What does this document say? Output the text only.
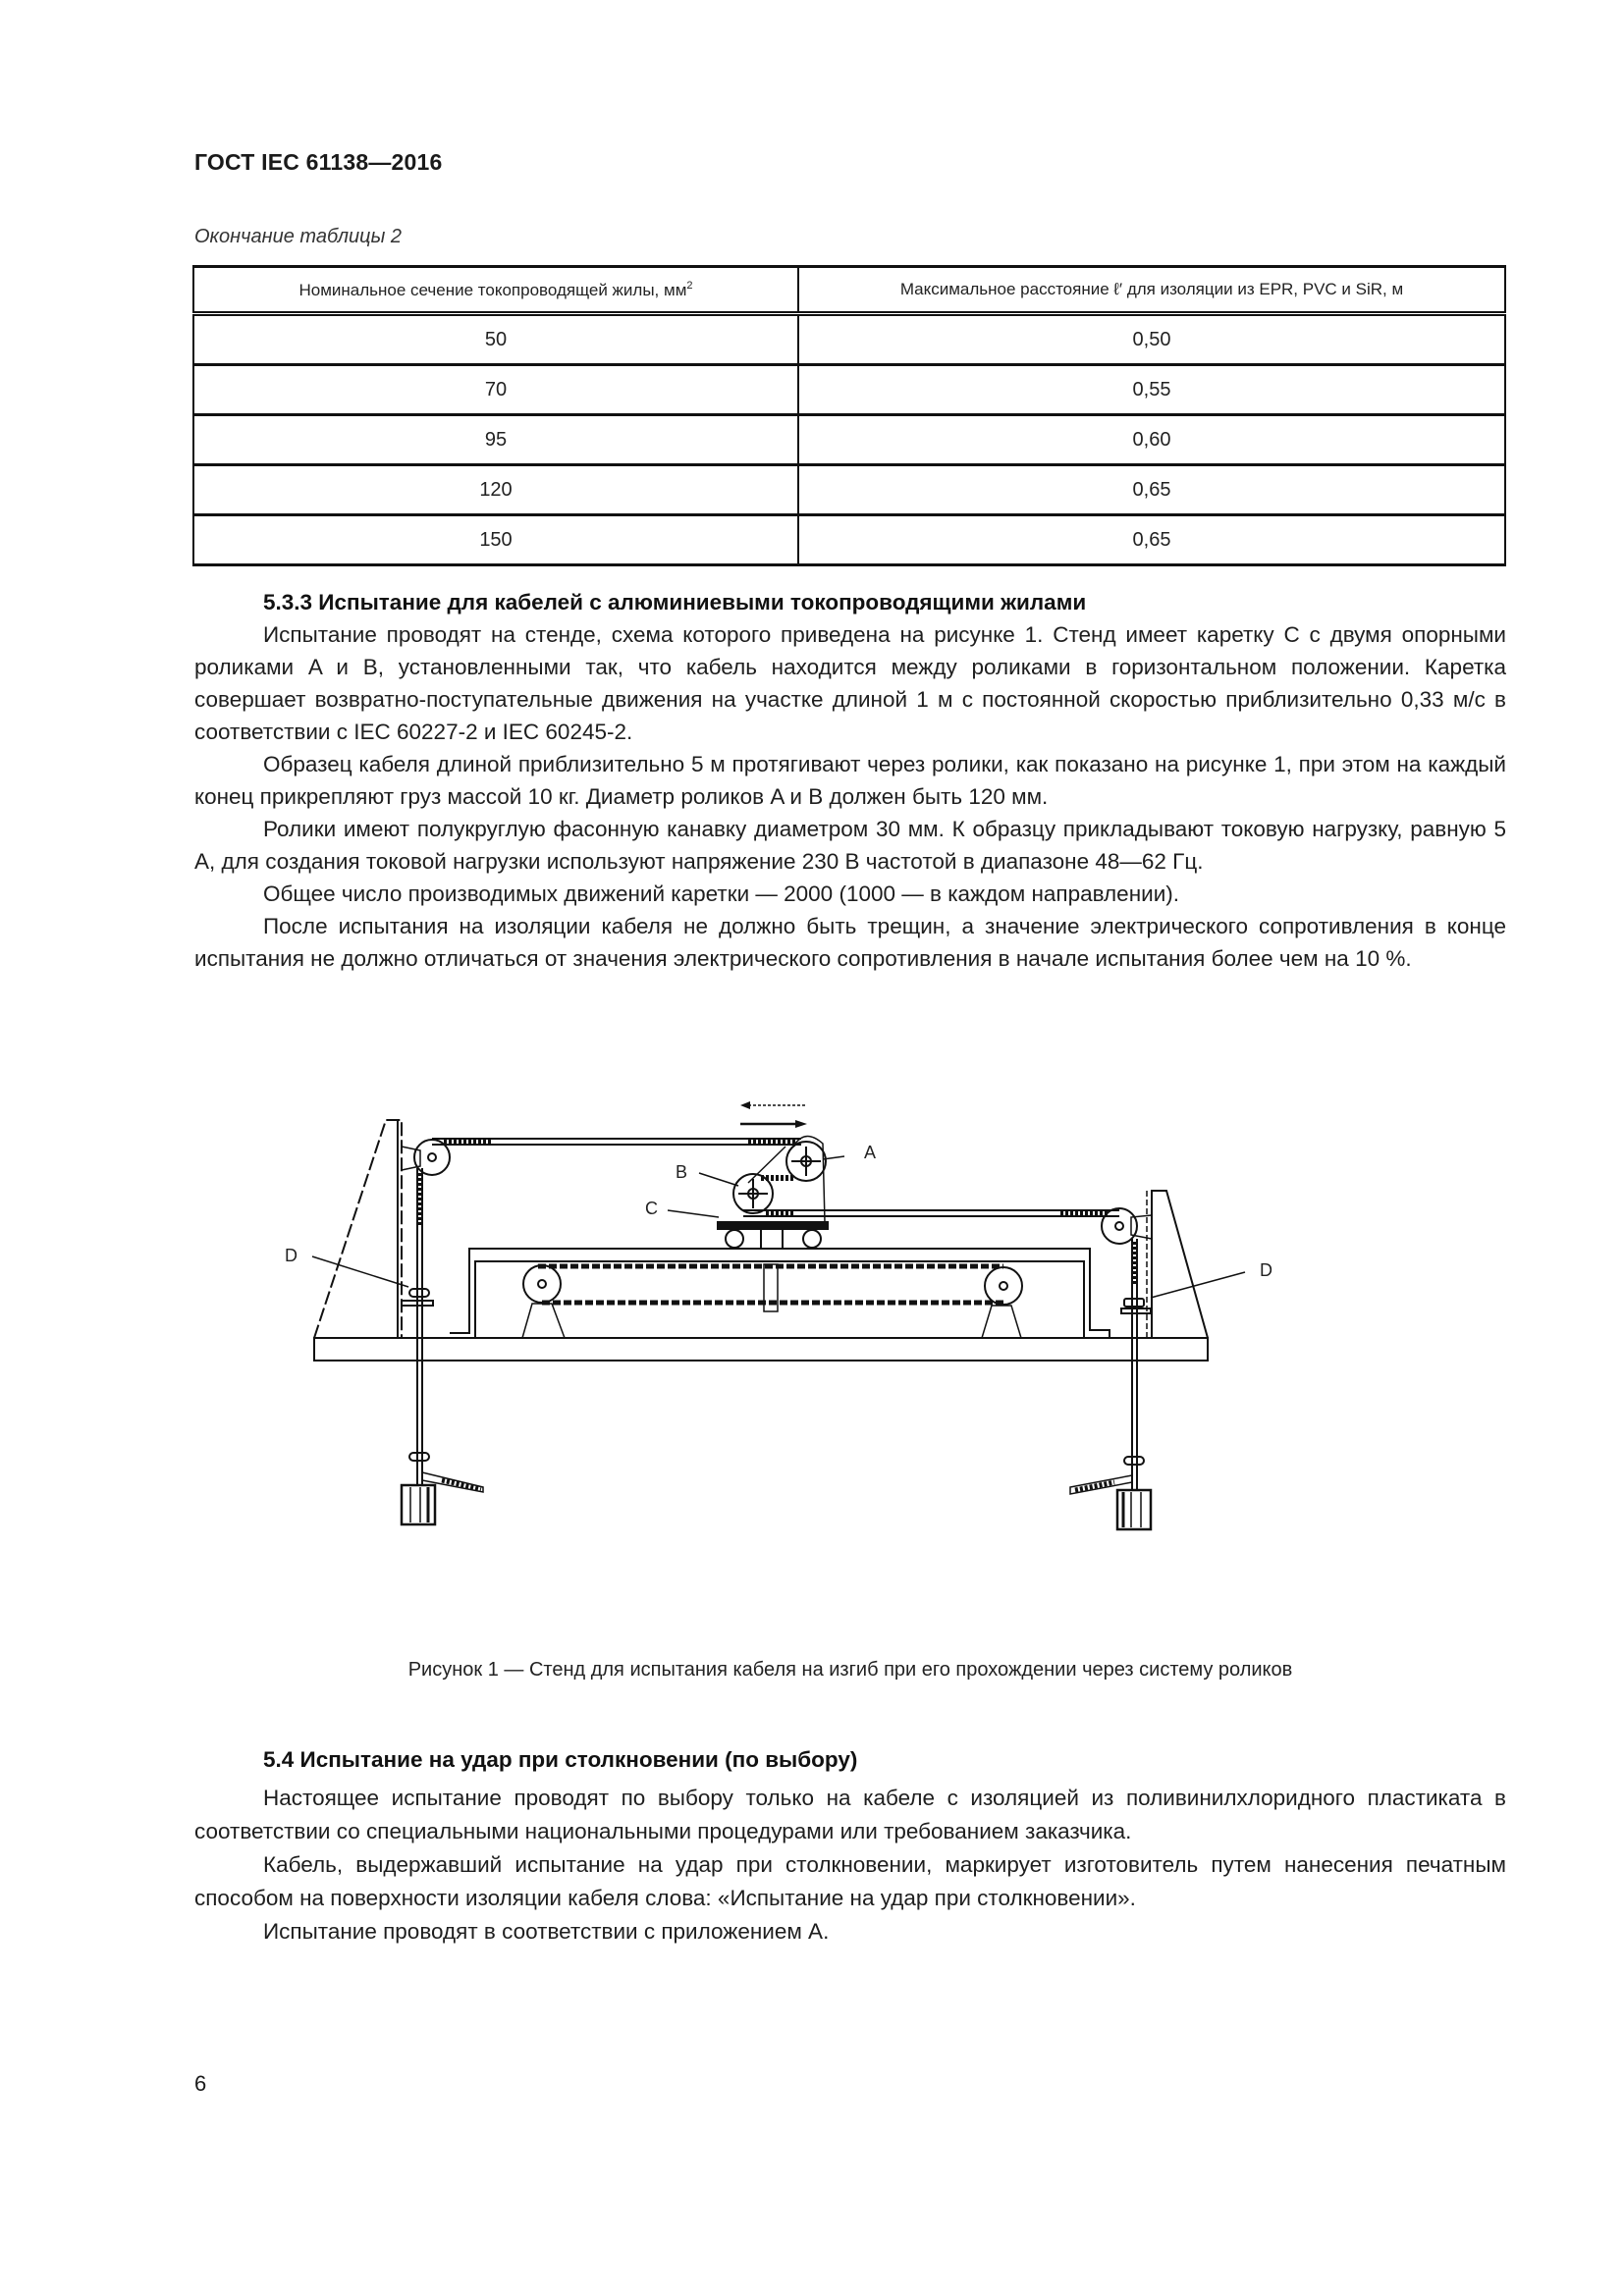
ГОСТ IEC 61138—2016
Окончание таблицы 2
Номинальное сечение токопроводящей жилы, $мм^2$	Максимальное расстояние ℓ′ для изоляции из EPR, PVC и SiR, м
50	0,50
70	0,55
95	0,60
120	0,65
150	0,65
5.3.3 Испытание для кабелей с алюминиевыми токопроводящими жилами

Испытание проводят на стенде, схема которого приведена на рисунке 1. Стенд имеет каретку C с двумя опорными роликами A и B, установленными так, что кабель находится между роликами в горизонтальном положении. Каретка совершает возвратно-поступательные движения на участке длиной 1 м с постоянной скоростью приблизительно 0,33 м/с в соответствии с IEC 60227-2 и IEC 60245-2.

Образец кабеля длиной приблизительно 5 м протягивают через ролики, как показано на рисунке 1, при этом на каждый конец прикрепляют груз массой 10 кг. Диаметр роликов A и B должен быть 120 мм.

Ролики имеют полукруглую фасонную канавку диаметром 30 мм. К образцу прикладывают токовую нагрузку, равную 5 А, для создания токовой нагрузки используют напряжение 230 В частотой в диапазоне 48—62 Гц.

Общее число производимых движений каретки — 2000 (1000 — в каждом направлении).

После испытания на изоляции кабеля не должно быть трещин, а значение электрического сопротивления в конце испытания не должно отличаться от значения электрического сопротивления в начале испытания более чем на 10 %.

A
B
C
D
D
Рисунок 1 — Стенд для испытания кабеля на изгиб при его прохождении через систему роликов
5.4 Испытание на удар при столкновении (по выбору)

Настоящее испытание проводят по выбору только на кабеле с изоляцией из поливинилхлоридного пластиката в соответствии со специальными национальными процедурами или требованием заказчика.

Кабель, выдержавший испытание на удар при столкновении, маркирует изготовитель путем нанесения печатным способом на поверхности изоляции кабеля слова: «Испытание на удар при столкновении».

Испытание проводят в соответствии с приложением А.

6
